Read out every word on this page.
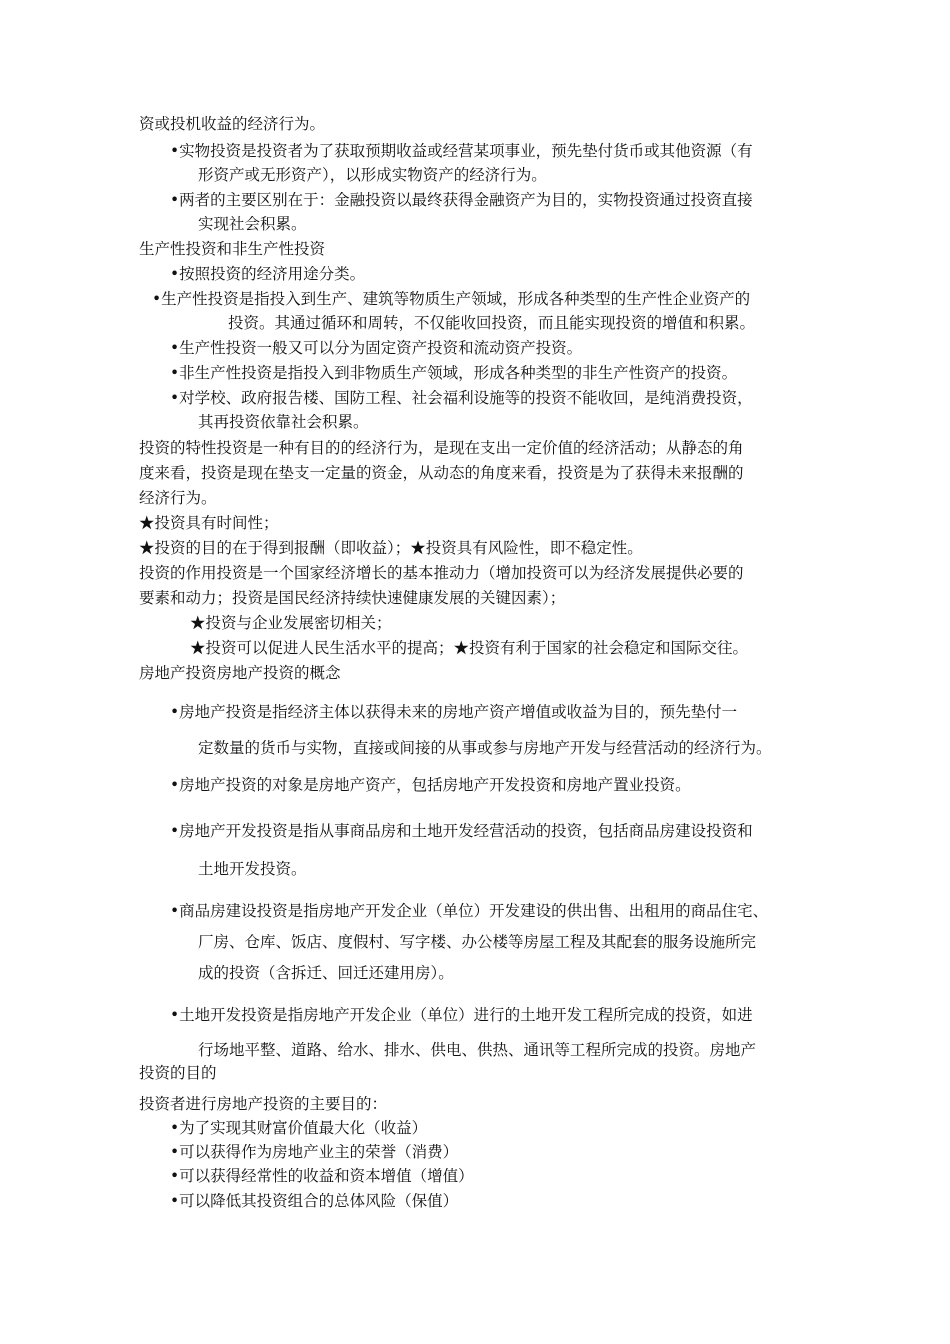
资或投机收益的经济行为。
•实物投资是投资者为了获取预期收益或经营某项事业，预先垫付货币或其他资源（有
形资产或无形资产），以形成实物资产的经济行为。
•两者的主要区别在于：金融投资以最终获得金融资产为目的，实物投资通过投资直接
实现社会积累。
生产性投资和非生产性投资
•按照投资的经济用途分类。
•生产性投资是指投入到生产、建筑等物质生产领域，形成各种类型的生产性企业资产的
投资。其通过循环和周转，不仅能收回投资，而且能实现投资的增值和积累。
•生产性投资一般又可以分为固定资产投资和流动资产投资。
•非生产性投资是指投入到非物质生产领域，形成各种类型的非生产性资产的投资。
•对学校、政府报告楼、国防工程、社会福利设施等的投资不能收回，是纯消费投资，
其再投资依靠社会积累。
投资的特性投资是一种有目的的经济行为，是现在支出一定价值的经济活动；从静态的角
度来看，投资是现在垫支一定量的资金，从动态的角度来看，投资是为了获得未来报酬的
经济行为。
★投资具有时间性；
★投资的目的在于得到报酬（即收益）；★投资具有风险性，即不稳定性。
投资的作用投资是一个国家经济增长的基本推动力（增加投资可以为经济发展提供必要的
要素和动力；投资是国民经济持续快速健康发展的关键因素）；
★投资与企业发展密切相关；
★投资可以促进人民生活水平的提高；★投资有利于国家的社会稳定和国际交往。
房地产投资房地产投资的概念
•房地产投资是指经济主体以获得未来的房地产资产增值或收益为目的，预先垫付一
定数量的货币与实物，直接或间接的从事或参与房地产开发与经营活动的经济行为。
•房地产投资的对象是房地产资产，包括房地产开发投资和房地产置业投资。
•房地产开发投资是指从事商品房和土地开发经营活动的投资，包括商品房建设投资和
土地开发投资。
•商品房建设投资是指房地产开发企业（单位）开发建设的供出售、出租用的商品住宅、
厂房、仓库、饭店、度假村、写字楼、办公楼等房屋工程及其配套的服务设施所完
成的投资（含拆迁、回迁还建用房）。
•土地开发投资是指房地产开发企业（单位）进行的土地开发工程所完成的投资，如进
行场地平整、道路、给水、排水、供电、供热、通讯等工程所完成的投资。房地产
投资的目的
投资者进行房地产投资的主要目的：
•为了实现其财富价值最大化（收益）
•可以获得作为房地产业主的荣誉（消费）
•可以获得经常性的收益和资本增值（增值）
•可以降低其投资组合的总体风险（保值）
